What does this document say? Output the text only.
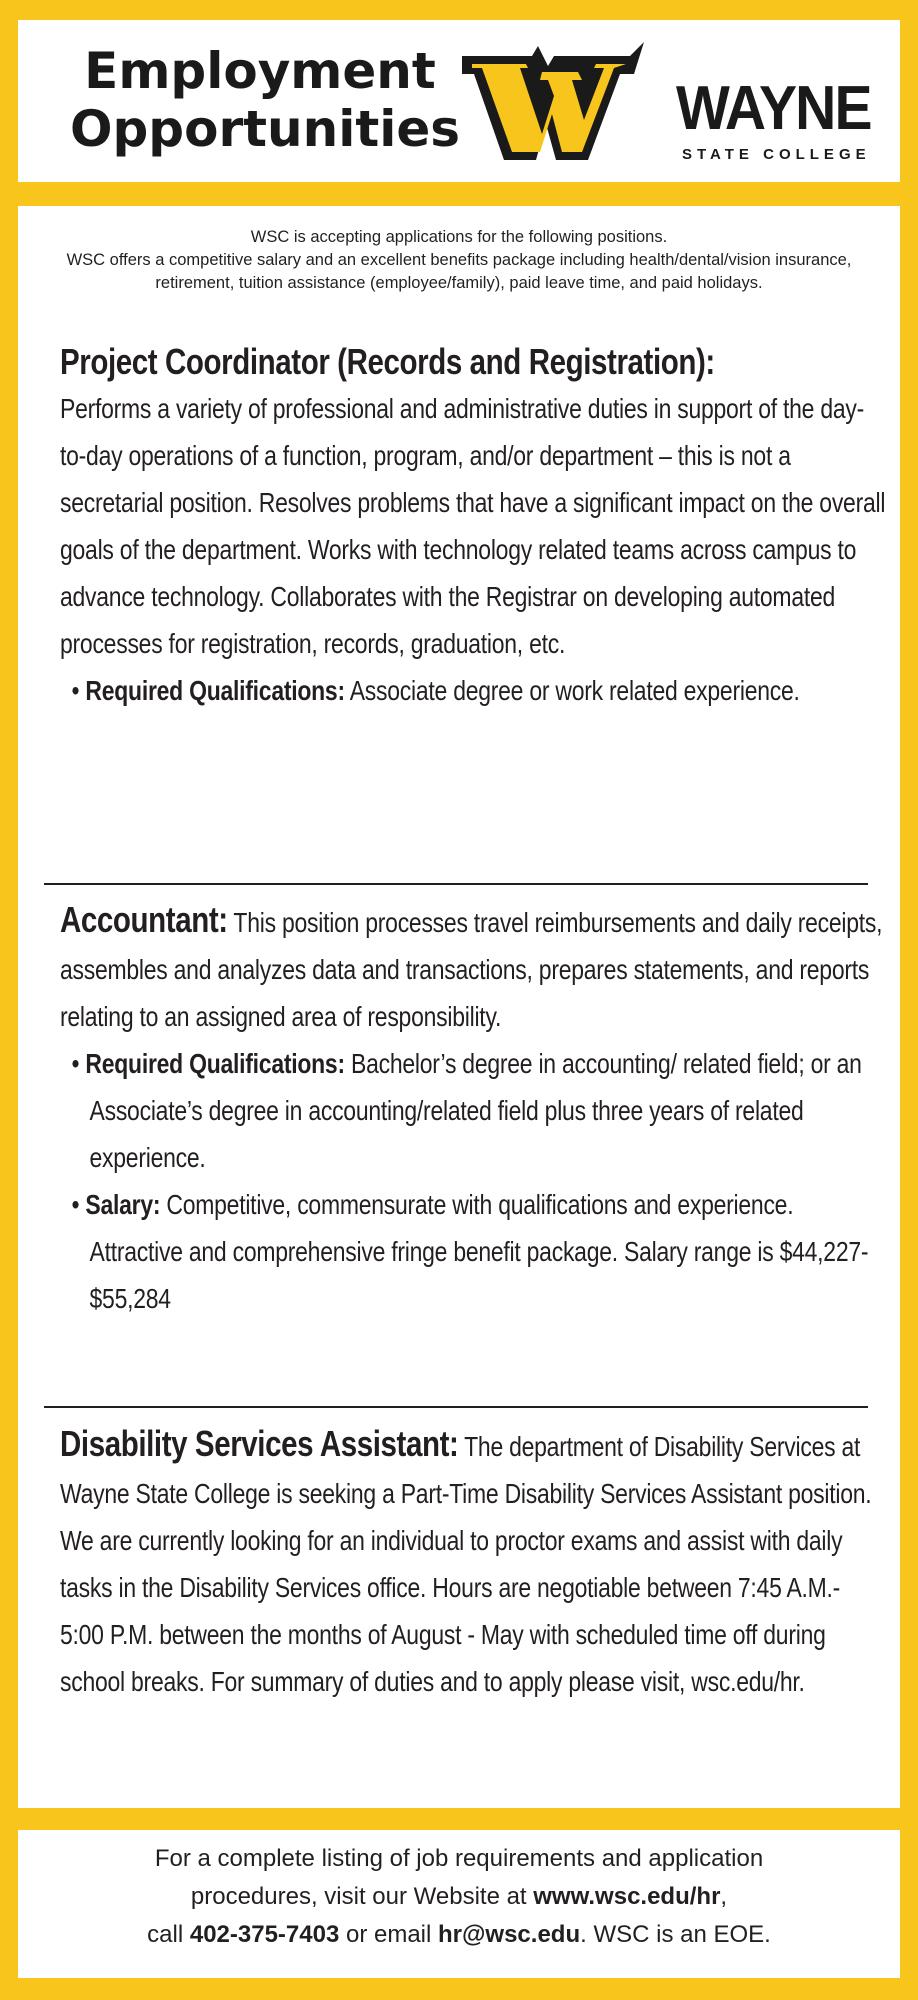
Employment
Opportunities	WAYNE
STATE COLLEGE
WSC is accepting applications for the following positions.
WSC offers a competitive salary and an excellent benefits package including health/dental/vision insurance, retirement, tuition assistance (employee/family), paid leave time, and paid holidays.
Project Coordinator (Records and Registration):
Performs a variety of professional and administrative duties in support of the day-to-day operations of a function, program, and/or department – this is not a secretarial position. Resolves problems that have a significant impact on the overall goals of the department. Works with technology related teams across campus to advance technology. Collaborates with the Registrar on developing automated processes for registration, records, graduation, etc.
• Required Qualifications: Associate degree or work related experience.
Accountant: This position processes travel reimbursements and daily receipts, assembles and analyzes data and transactions, prepares statements, and reports relating to an assigned area of responsibility.
• Required Qualifications: Bachelor’s degree in accounting/ related field; or an Associate’s degree in accounting/related field plus three years of related experience.
• Salary: Competitive, commensurate with qualifications and experience. Attractive and comprehensive fringe benefit package. Salary range is $44,227- $55,284
Disability Services Assistant: The department of Disability Services at Wayne State College is seeking a Part-Time Disability Services Assistant position. We are currently looking for an individual to proctor exams and assist with daily tasks in the Disability Services office. Hours are negotiable between 7:45 A.M.- 5:00 P.M. between the months of August - May with scheduled time off during school breaks. For summary of duties and to apply please visit, wsc.edu/hr.
For a complete listing of job requirements and application
procedures, visit our Website at www.wsc.edu/hr,
call 402-375-7403 or email hr@wsc.edu. WSC is an EOE.
